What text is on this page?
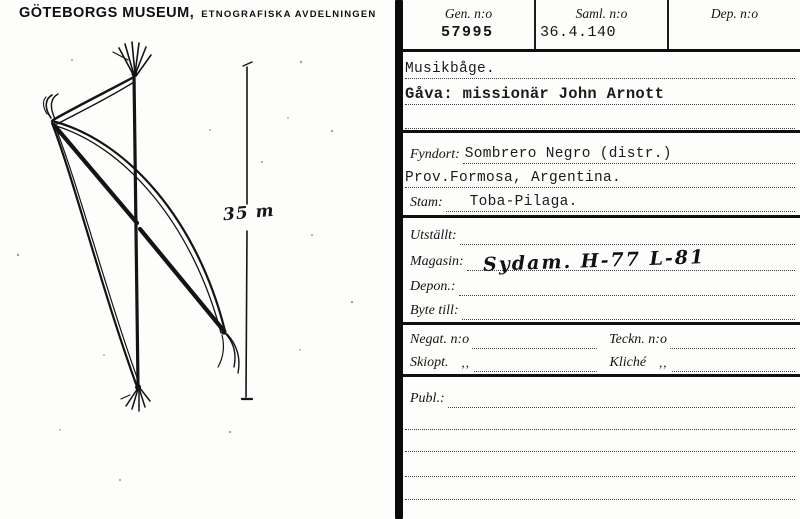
GÖTEBORGS MUSEUM, ETNOGRAFISKA AVDELNINGEN
35 m
Gen. n:o
57995
Saml. n:o
36.4.140
Dep. n:o
Musikbåge.
Gåva: missionär John Arnott
Fyndort: Sombrero Negro (distr.)
Prov.Formosa, Argentina.
Stam: Toba-Pilaga.
Utställt:
Magasin: Sydam. H-77 L-81
Depon.:
Byte till:
Negat. n:o	Teckn. n:o
Skiopt.	,,	Kliché	,,
Publ.:
